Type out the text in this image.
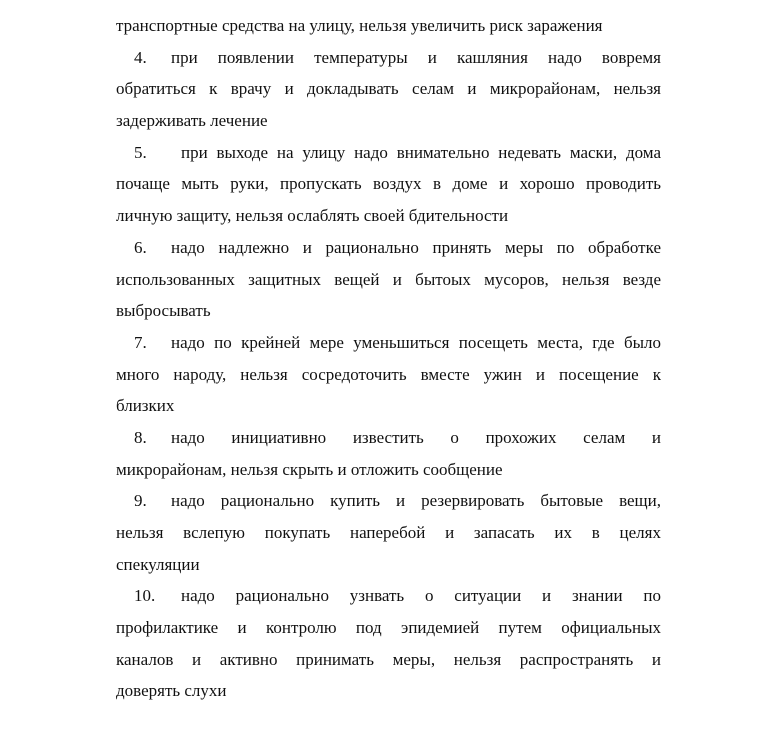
транспортные средства на улицу, нельзя увеличить риск заражения
4. при появлении температуры и кашляния надо вовремя
обратиться к врачу и докладывать селам и микрорайонам, нельзя
задерживать лечение
5. при выходе на улицу надо внимательно недевать маски, дома
почаще мыть руки, пропускать воздух в доме и хорошо проводить
личную защиту, нельзя ослаблять своей бдительности
6. надо надлежно и рационально принять меры по обработке
использованных защитных вещей и бытоых мусоров, нельзя везде
выбросывать
7. надо по крейней мере уменьшиться посещеть места, где было
много народу, нельзя сосредоточить вместе ужин и посещение к
близких
8. надо инициативно известить о прохожих селам и
микрорайонам, нельзя скрыть и отложить сообщение
9. надо рационально купить и резервировать бытовые вещи,
нельзя вслепую покупать наперебой и запасать их в целях
спекуляции
10. надо рационально узнвать о ситуации и знании по
профилактике и контролю под эпидемией путем официальных
каналов и активно принимать меры, нельзя распространять и
доверять слухи
